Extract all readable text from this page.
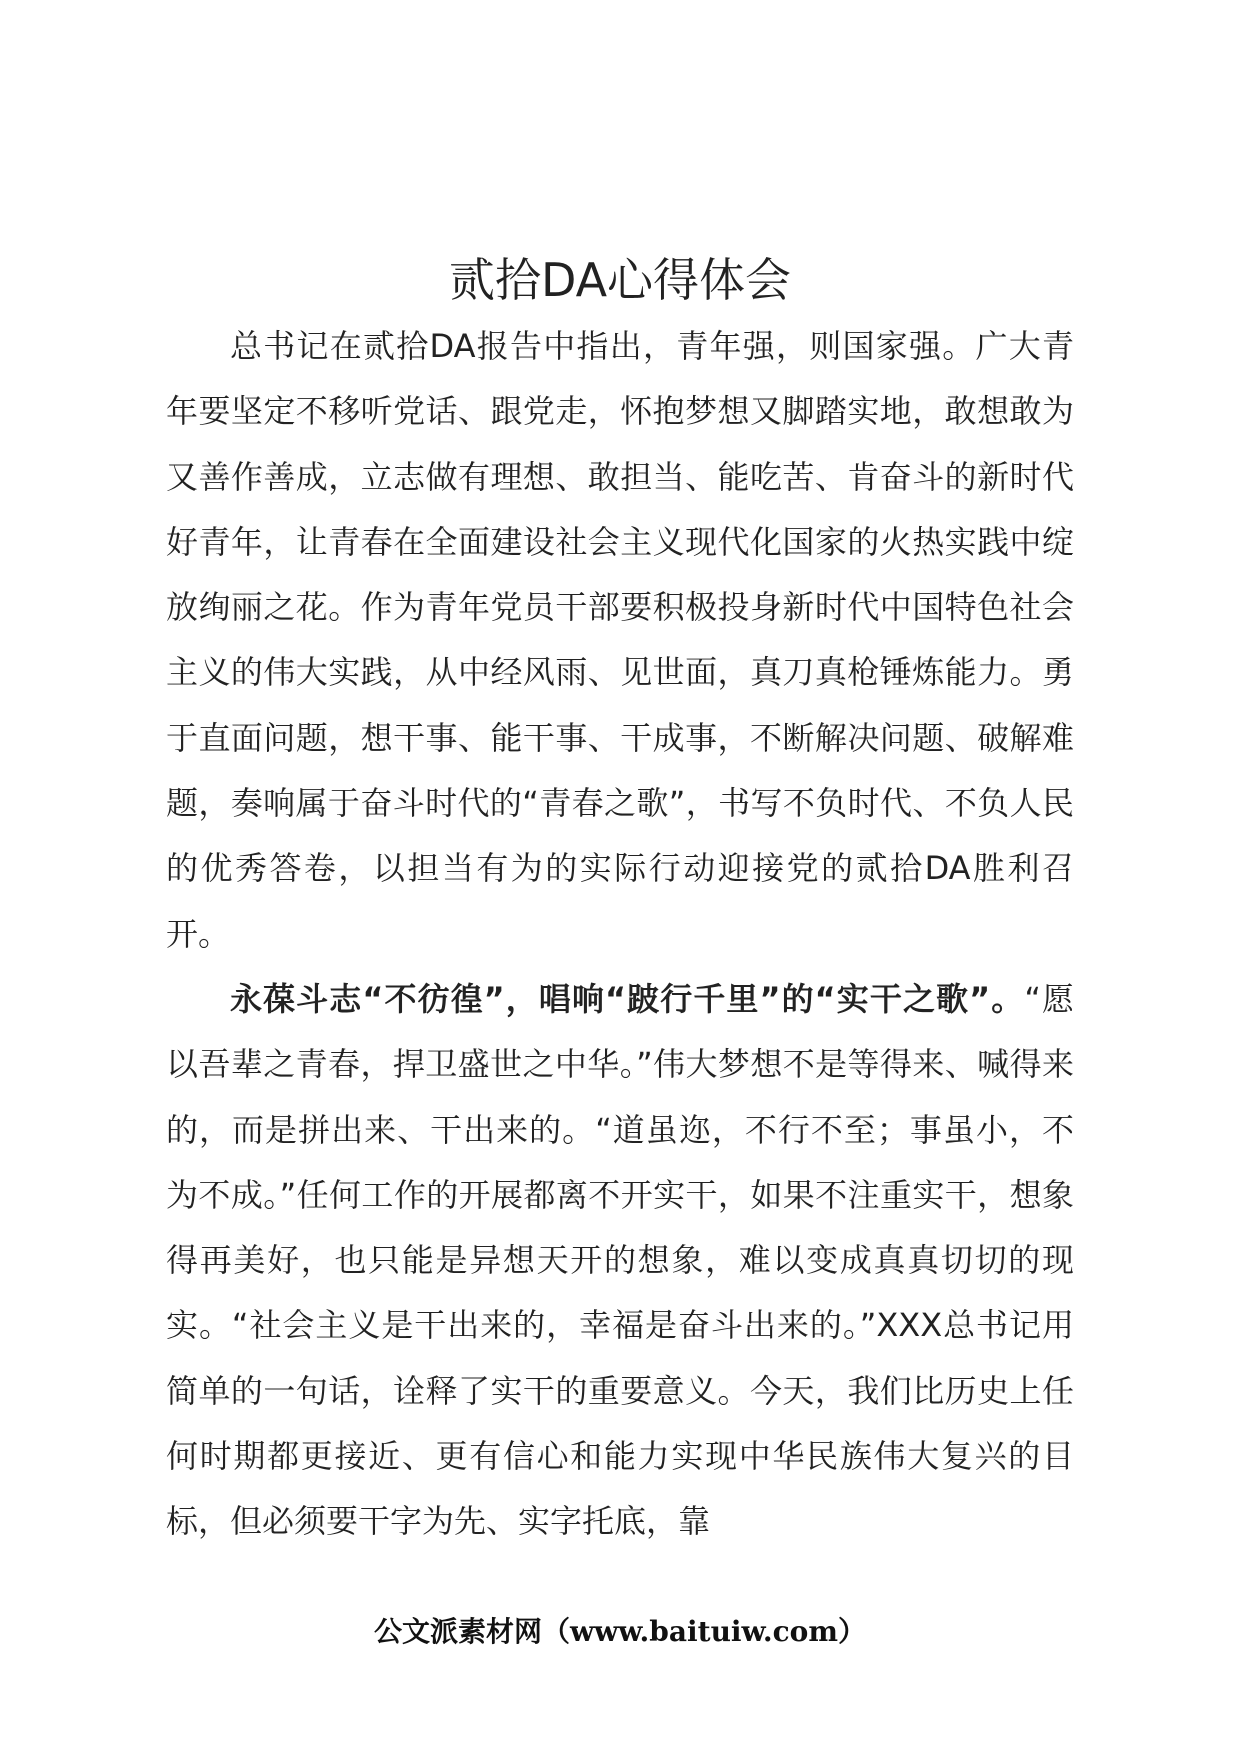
贰拾DA心得体会

总书记在贰拾DA报告中指出，青年强，则国家强。广大青年要坚定不移听党话、跟党走，怀抱梦想又脚踏实地，敢想敢为又善作善成，立志做有理想、敢担当、能吃苦、肯奋斗的新时代好青年，让青春在全面建设社会主义现代化国家的火热实践中绽放绚丽之花。作为青年党员干部要积极投身新时代中国特色社会主义的伟大实践，从中经风雨、见世面，真刀真枪锤炼能力。勇于直面问题，想干事、能干事、干成事，不断解决问题、破解难题，奏响属于奋斗时代的“青春之歌”，书写不负时代、不负人民的优秀答卷，以担当有为的实际行动迎接党的贰拾DA胜利召开。

永葆斗志“不彷徨”，唱响“跛行千里”的“实干之歌”。“愿以吾辈之青春，捍卫盛世之中华。”伟大梦想不是等得来、喊得来的，而是拼出来、干出来的。“道虽迩，不行不至；事虽小，不为不成。”任何工作的开展都离不开实干，如果不注重实干，想象得再美好，也只能是异想天开的想象，难以变成真真切切的现实。“社会主义是干出来的，幸福是奋斗出来的。”XXX总书记用简单的一句话，诠释了实干的重要意义。今天，我们比历史上任何时期都更接近、更有信心和能力实现中华民族伟大复兴的目标，但必须要干字为先、实字托底，靠

公文派素材网（www.baituiw.com）
